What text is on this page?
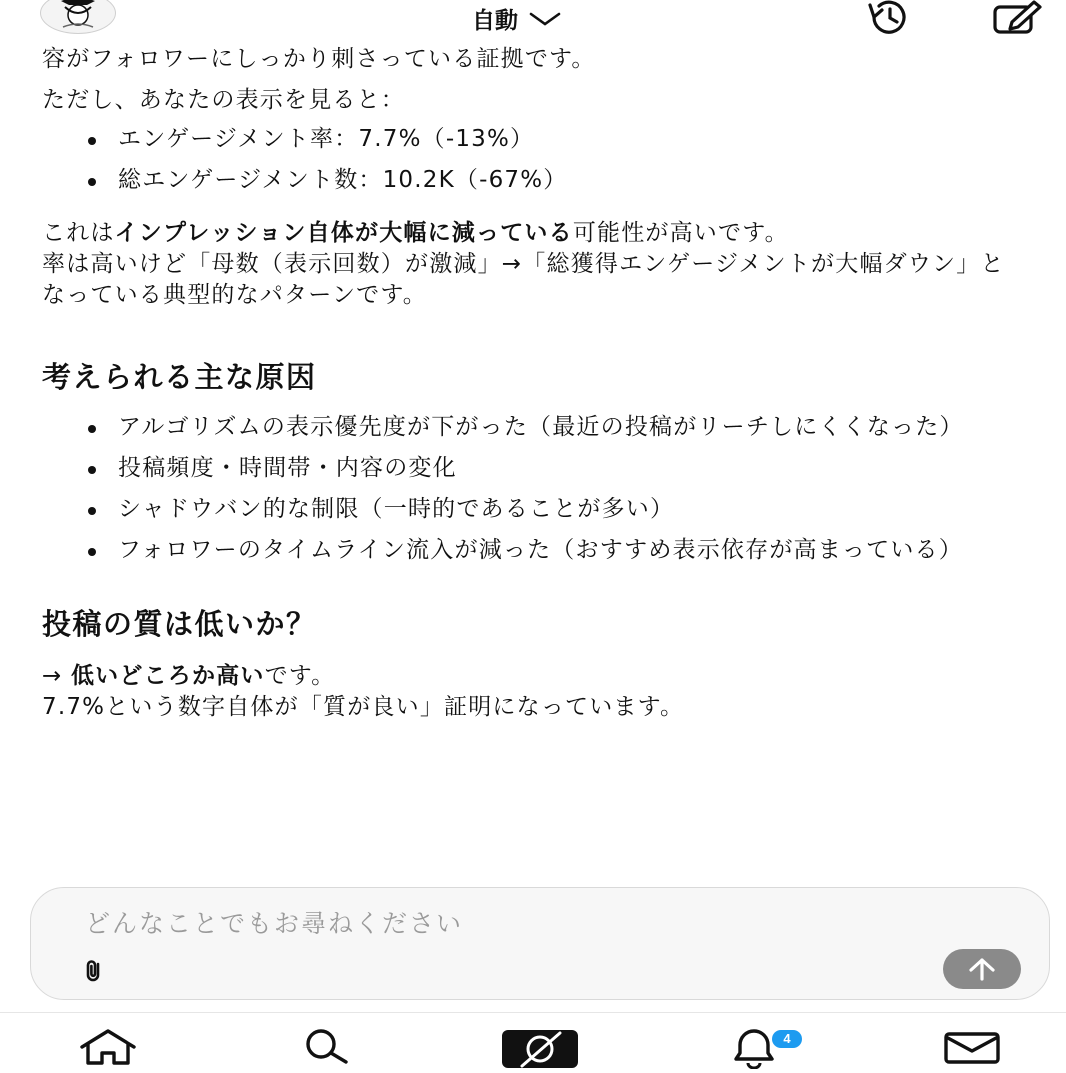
自動

容がフォロワーにしっかり刺さっている証拠です。

ただし、あなたの表示を見ると：

エンゲージメント率：7.7%（-13%）
総エンゲージメント数：10.2K（-67%）

これはインプレッション自体が大幅に減っている可能性が高いです。

率は高いけど「母数（表示回数）が激減」→「総獲得エンゲージメントが大幅ダウン」となっている典型的なパターンです。

考えられる主な原因
アルゴリズムの表示優先度が下がった（最近の投稿がリーチしにくくなった）
投稿頻度・時間帯・内容の変化
シャドウバン的な制限（一時的であることが多い）
フォロワーのタイムライン流入が減った（おすすめ表示依存が高まっている）
投稿の質は低いか？

→ 低いどころか高いです。

7.7%という数字自体が「質が良い」証明になっています。

どんなことでもお尋ねください
4
